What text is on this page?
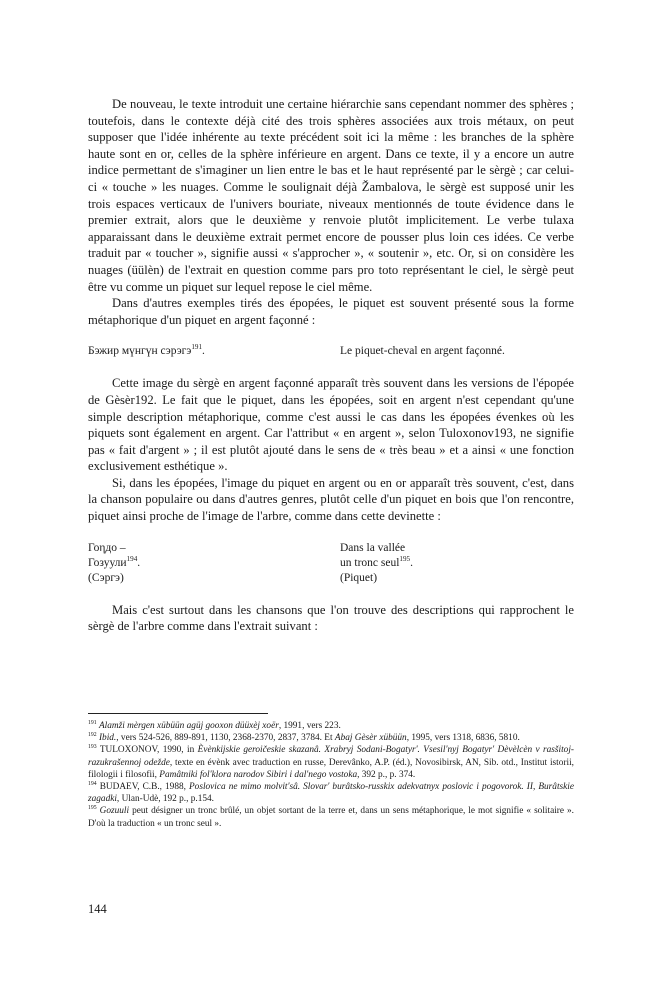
De nouveau, le texte introduit une certaine hiérarchie sans cependant nommer des sphères ; toutefois, dans le contexte déjà cité des trois sphères associées aux trois métaux, on peut supposer que l'idée inhérente au texte précédent soit ici la même : les branches de la sphère haute sont en or, celles de la sphère inférieure en argent. Dans ce texte, il y a encore un autre indice permettant de s'imaginer un lien entre le bas et le haut représenté par le sèrgè ; car celui-ci « touche » les nuages. Comme le soulignait déjà Žambalova, le sèrgè est supposé unir les trois espaces verticaux de l'univers bouriate, niveaux mentionnés de toute évidence dans le premier extrait, alors que le deuxième y renvoie plutôt implicitement. Le verbe tulaxa apparaissant dans le deuxième extrait permet encore de pousser plus loin ces idées. Ce verbe traduit par « toucher », signifie aussi « s'approcher », « soutenir », etc. Or, si on considère les nuages (üülèn) de l'extrait en question comme pars pro toto représentant le ciel, le sèrgè peut être vu comme un piquet sur lequel repose le ciel même.

Dans d'autres exemples tirés des épopées, le piquet est souvent présenté sous la forme métaphorique d'un piquet en argent façonné :

Бэжир мүнгүн сэрэгэ$^{191}$.	Le piquet-cheval en argent façonné.

Cette image du sèrgè en argent façonné apparaît très souvent dans les versions de l'épopée de Gèsèr192. Le fait que le piquet, dans les épopées, soit en argent n'est cependant qu'une simple description métaphorique, comme c'est aussi le cas dans les épopées évenkes où les piquets sont également en argent. Car l'attribut « en argent », selon Tuloxonov193, ne signifie pas « fait d'argent » ; il est plutôt ajouté dans le sens de « très beau » et a ainsi « une fonction exclusivement esthétique ».

Si, dans les épopées, l'image du piquet en argent ou en or apparaît très souvent, c'est, dans la chanson populaire ou dans d'autres genres, plutôt celle d'un piquet en bois que l'on rencontre, piquet ainsi proche de l'image de l'arbre, comme dans cette devinette :

Гоηдо –
Гозуули$^{194}$.
(Сэргэ)
Dans la vallée
un tronc seul$^{195}$.
(Piquet)

Mais c'est surtout dans les chansons que l'on trouve des descriptions qui rapprochent le sèrgè de l'arbre comme dans l'extrait suivant :

$^{191}$ Alamži mèrgen xübüün agüj gooxon düüxèj xoër, 1991, vers 223.

$^{192}$ Ibid., vers 524-526, 889-891, 1130, 2368-2370, 2837, 3784. Et Abaj Gèsèr xübüün, 1995, vers 1318, 6836, 5810.

$^{193}$ TULOXONOV, 1990, in Èvènkijskie geroičeskie skazanâ. Xrabryj Sodani-Bogatyr'. Vsesil'nyj Bogatyr' Dèvèlcèn v rasšitoj-razukrašennoj odežde, texte en évènk avec traduction en russe, Derevânko, A.P. (éd.), Novosibirsk, AN, Sib. otd., Institut istorii, filologii i filosofii, Pamâtniki fol'klora narodov Sibiri i dal'nego vostoka, 392 p., p. 374.

$^{194}$ BUDAEV, C.B., 1988, Poslovica ne mimo molvit'sâ. Slovar' burâtsko-russkix adekvatnyx poslovic i pogovorok. II, Burâtskie zagadki, Ulan-Udè, 192 p., p.154.

$^{195}$ Gozuuli peut désigner un tronc brûlé, un objet sortant de la terre et, dans un sens métaphorique, le mot signifie « solitaire ». D'où la traduction « un tronc seul ».

144
